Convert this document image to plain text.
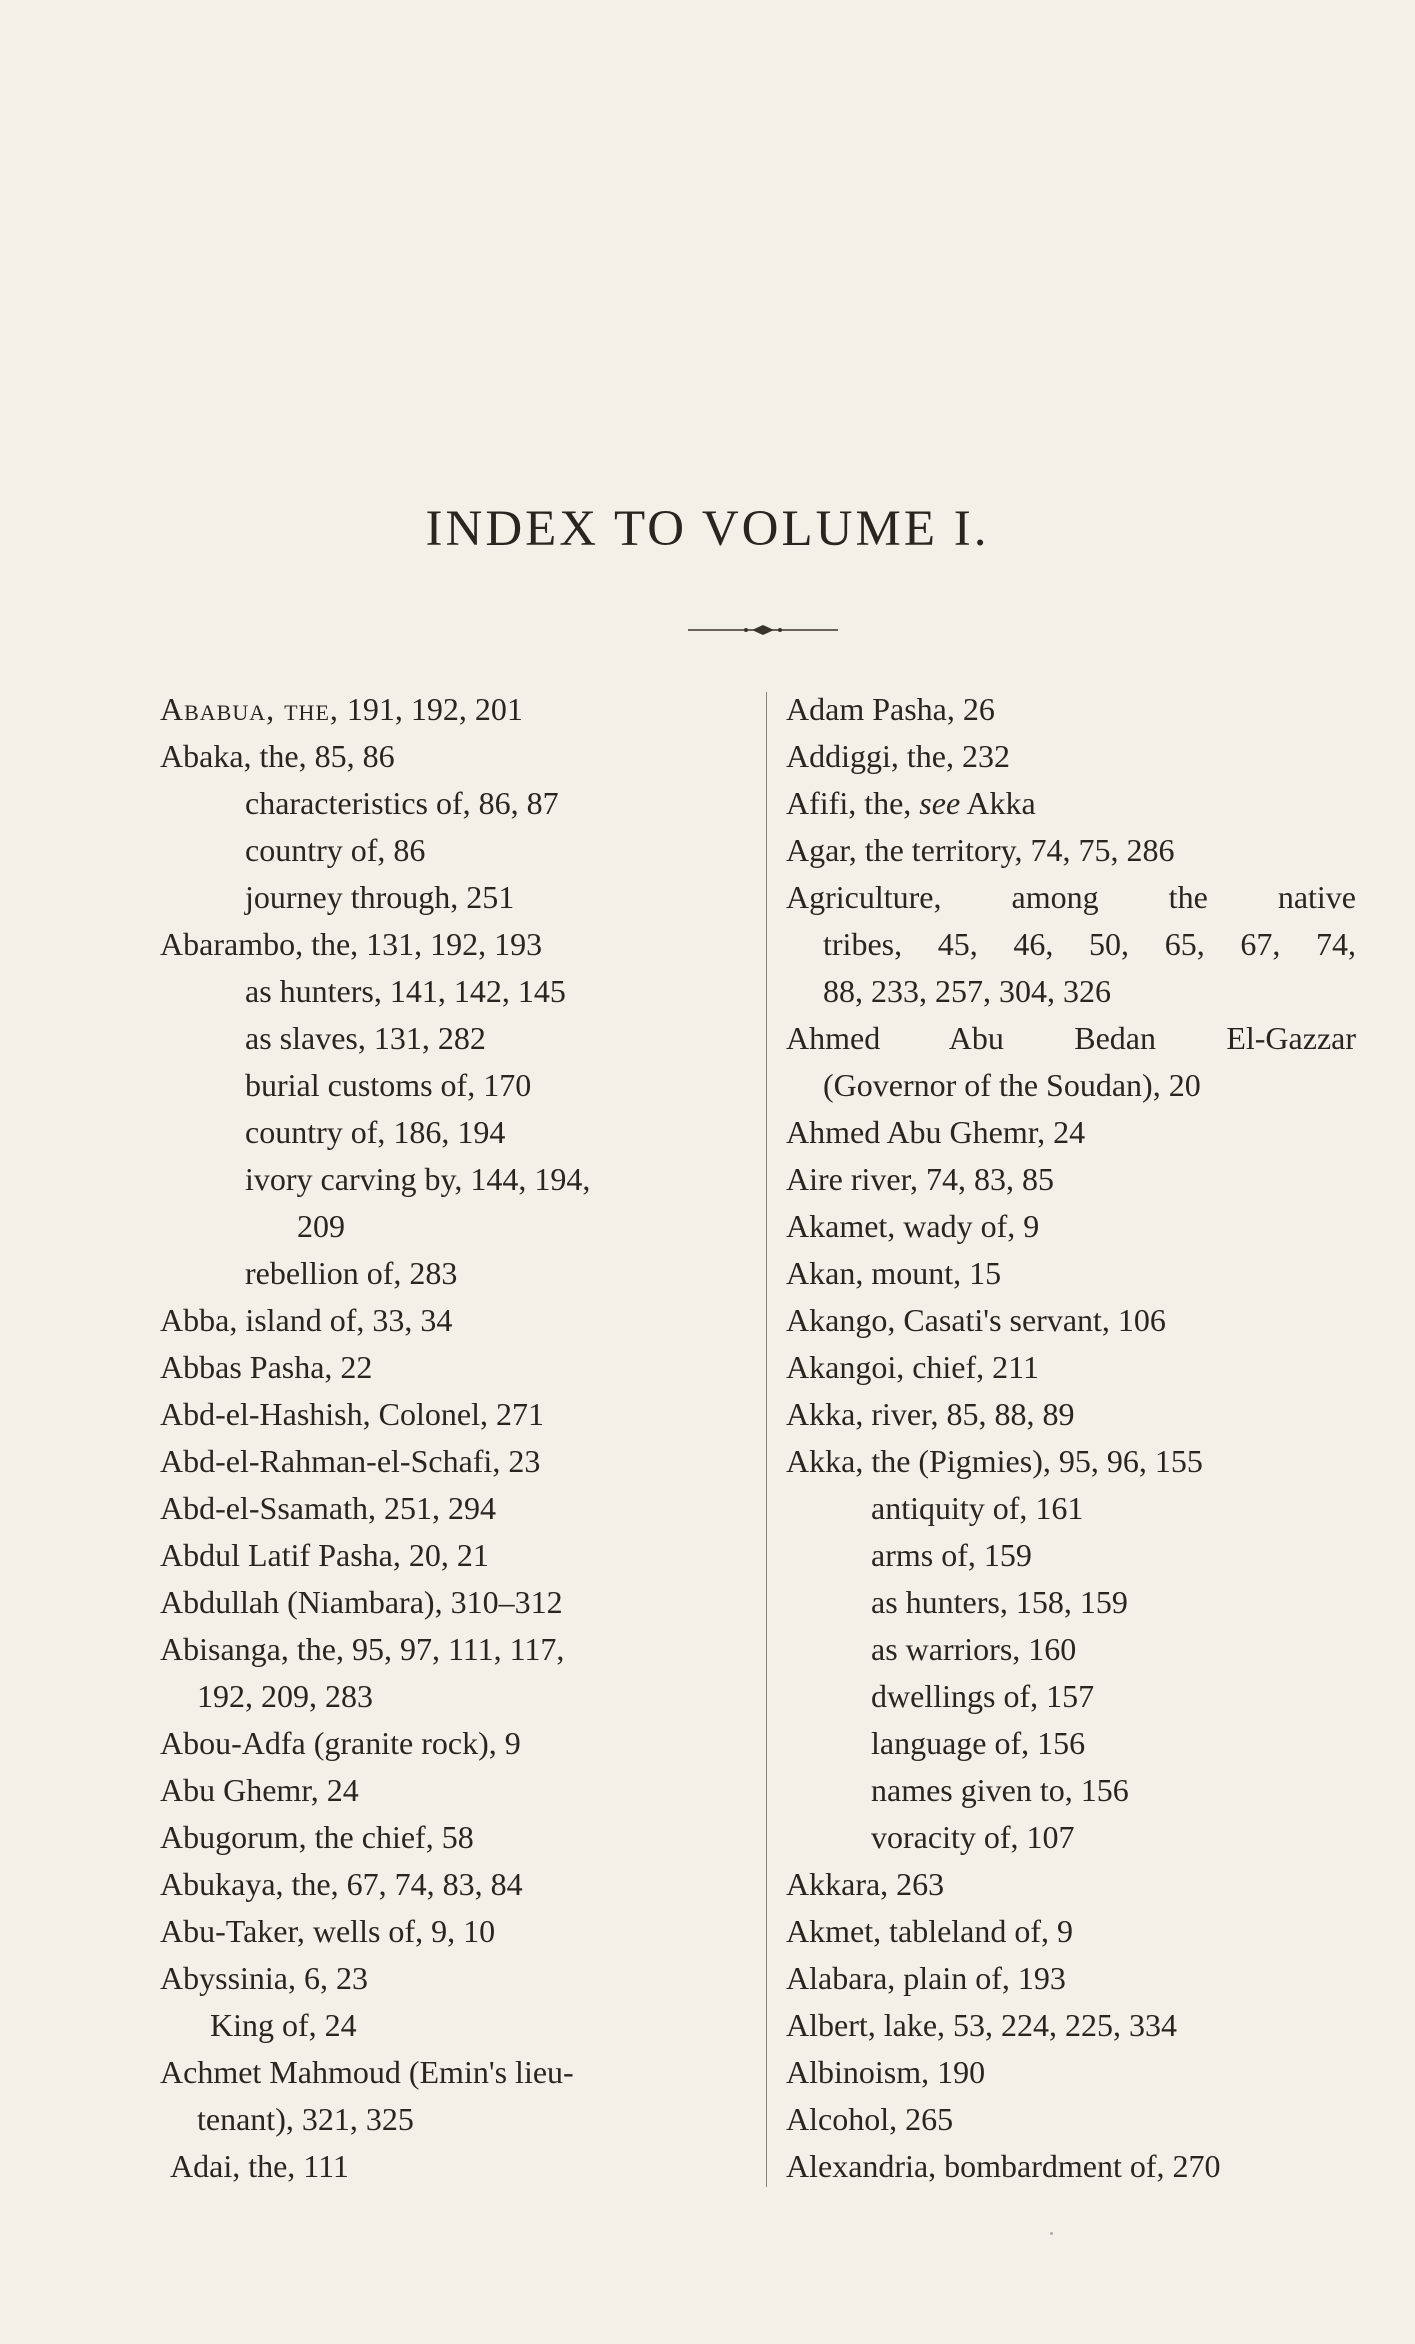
INDEX TO VOLUME I.
Ababua, the, 191, 192, 201
Abaka, the, 85, 86
characteristics of, 86, 87
country of, 86
journey through, 251
Abarambo, the, 131, 192, 193
as hunters, 141, 142, 145
as slaves, 131, 282
burial customs of, 170
country of, 186, 194
ivory carving by, 144, 194,
209
rebellion of, 283
Abba, island of, 33, 34
Abbas Pasha, 22
Abd-el-Hashish, Colonel, 271
Abd-el-Rahman-el-Schafi, 23
Abd-el-Ssamath, 251, 294
Abdul Latif Pasha, 20, 21
Abdullah (Niambara), 310–312
Abisanga, the, 95, 97, 111, 117,
192, 209, 283
Abou-Adfa (granite rock), 9
Abu Ghemr, 24
Abugorum, the chief, 58
Abukaya, the, 67, 74, 83, 84
Abu-Taker, wells of, 9, 10
Abyssinia, 6, 23
King of, 24
Achmet Mahmoud (Emin's lieu-
tenant), 321, 325
Adai, the, 111
Adam Pasha, 26
Addiggi, the, 232
Afifi, the, see Akka
Agar, the territory, 74, 75, 286
Agriculture, among the native
tribes, 45, 46, 50, 65, 67, 74,
88, 233, 257, 304, 326
Ahmed Abu Bedan El-Gazzar
(Governor of the Soudan), 20
Ahmed Abu Ghemr, 24
Aire river, 74, 83, 85
Akamet, wady of, 9
Akan, mount, 15
Akango, Casati's servant, 106
Akangoi, chief, 211
Akka, river, 85, 88, 89
Akka, the (Pigmies), 95, 96, 155
antiquity of, 161
arms of, 159
as hunters, 158, 159
as warriors, 160
dwellings of, 157
language of, 156
names given to, 156
voracity of, 107
Akkara, 263
Akmet, tableland of, 9
Alabara, plain of, 193
Albert, lake, 53, 224, 225, 334
Albinoism, 190
Alcohol, 265
Alexandria, bombardment of, 270
